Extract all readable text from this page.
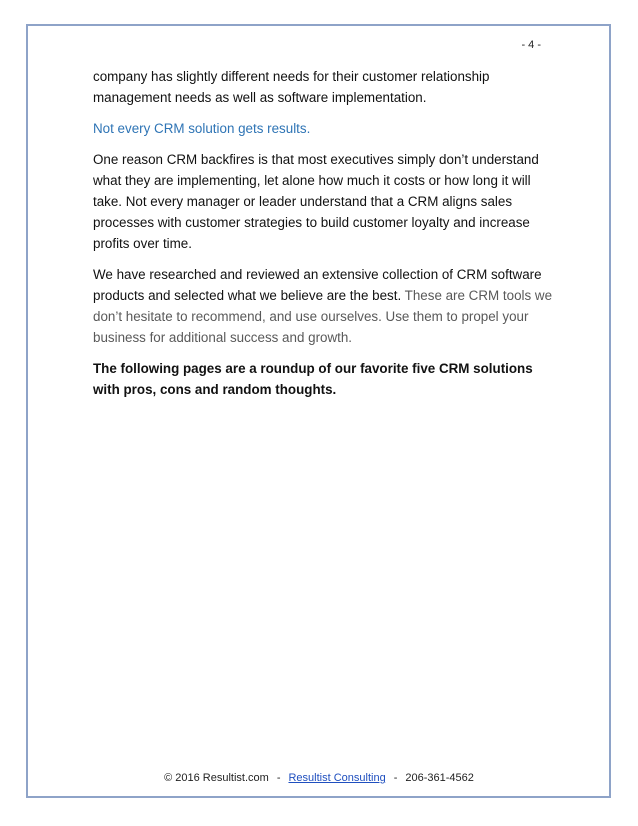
- 4 -

company has slightly different needs for their customer relationship management needs as well as software implementation.

Not every CRM solution gets results.

One reason CRM backfires is that most executives simply don’t understand what they are implementing, let alone how much it costs or how long it will take. Not every manager or leader understand that a CRM aligns sales processes with customer strategies to build customer loyalty and increase profits over time.

We have researched and reviewed an extensive collection of CRM software products and selected what we believe are the best. These are CRM tools we don’t hesitate to recommend, and use ourselves. Use them to propel your business for additional success and growth.

The following pages are a roundup of our favorite five CRM solutions with pros, cons and random thoughts.

© 2016 Resultist.com - Resultist Consulting - 206-361-4562
